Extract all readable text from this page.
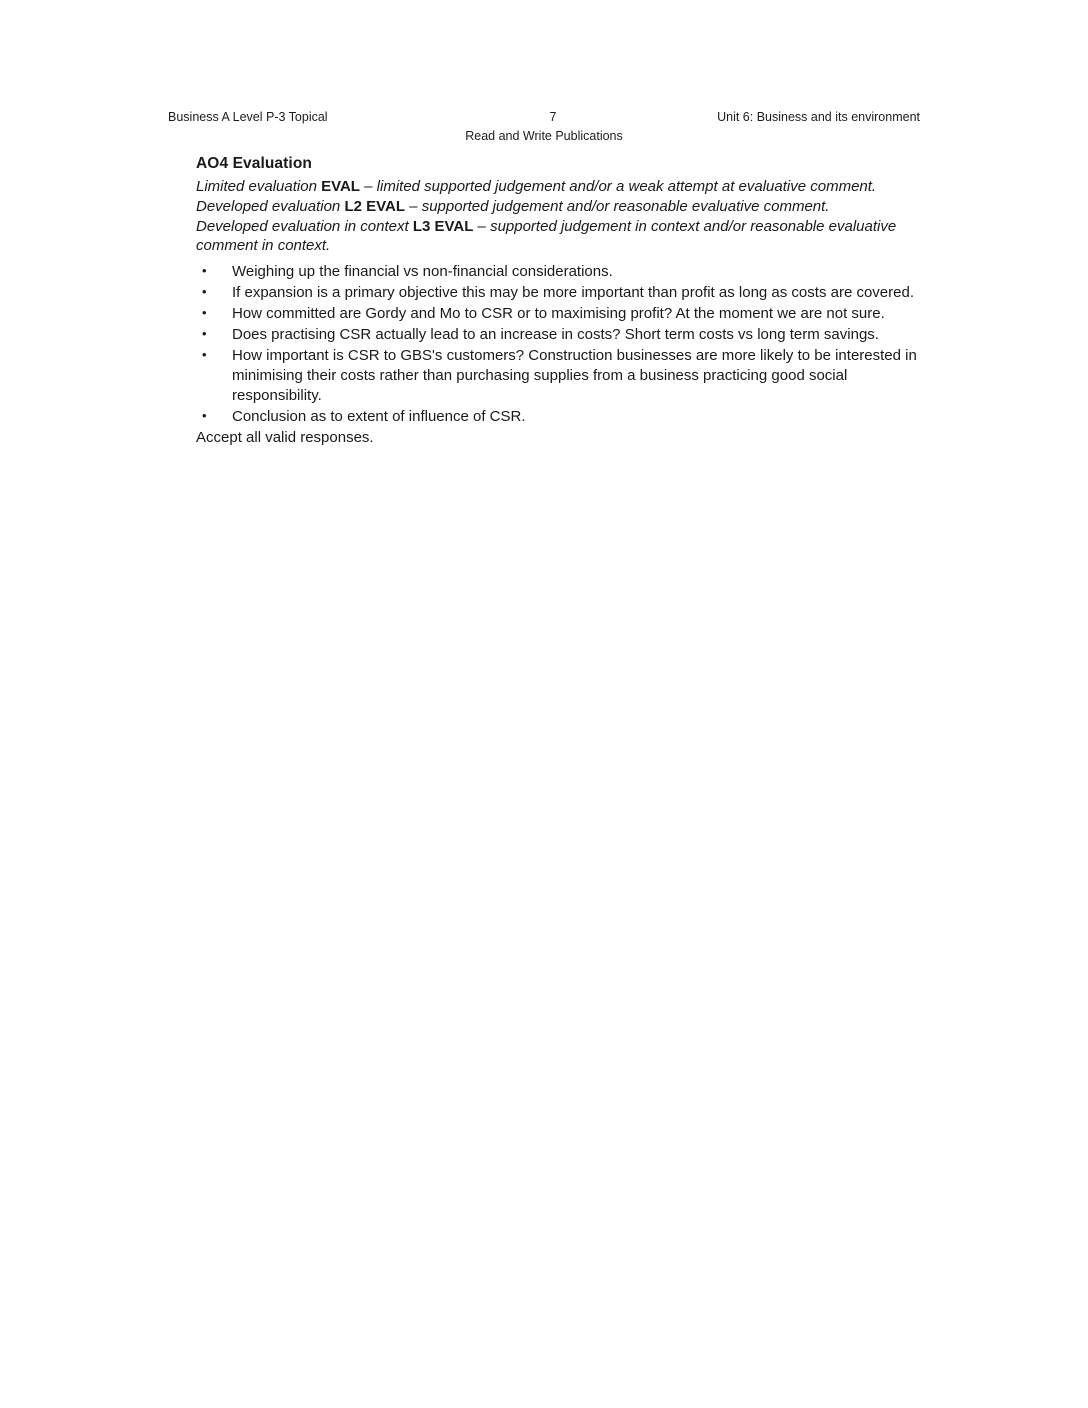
Business A Level P-3 Topical	7	Unit 6: Business and its environment
Read and Write Publications
AO4 Evaluation

Limited evaluation EVAL – limited supported judgement and/or a weak attempt at evaluative comment.

Developed evaluation L2 EVAL – supported judgement and/or reasonable evaluative comment.

Developed evaluation in context L3 EVAL – supported judgement in context and/or reasonable evaluative comment in context.

• Weighing up the financial vs non-financial considerations.
• If expansion is a primary objective this may be more important than profit as long as costs are covered.
• How committed are Gordy and Mo to CSR or to maximising profit? At the moment we are not sure.
• Does practising CSR actually lead to an increase in costs? Short term costs vs long term savings.
• How important is CSR to GBS's customers? Construction businesses are more likely to be interested in minimising their costs rather than purchasing supplies from a business practicing good social responsibility.
• Conclusion as to extent of influence of CSR.
Accept all valid responses.
